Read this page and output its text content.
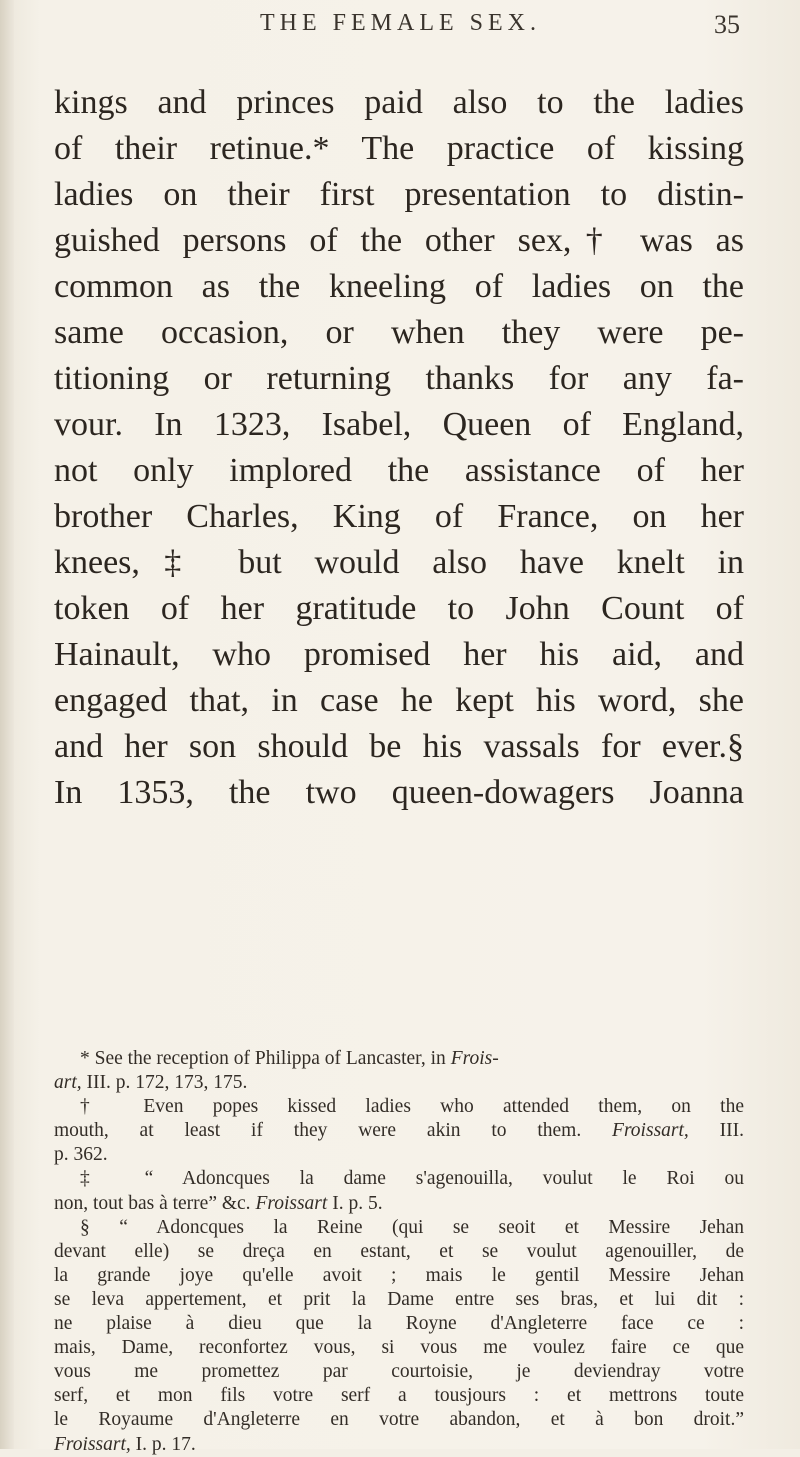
THE FEMALE SEX.	35
kings and princes paid also to the ladies
of their retinue.* The practice of kissing
ladies on their first presentation to distin-
guished persons of the other sex,† was as
common as the kneeling of ladies on the
same occasion, or when they were pe-
titioning or returning thanks for any fa-
vour. In 1323, Isabel, Queen of England,
not only implored the assistance of her
brother Charles, King of France, on her
knees,‡ but would also have knelt in
token of her gratitude to John Count of
Hainault, who promised her his aid, and
engaged that, in case he kept his word, she
and her son should be his vassals for ever.§
In 1353, the two queen-dowagers Joanna
* See the reception of Philippa of Lancaster, in Frois-
art, III. p. 172, 173, 175.
† Even popes kissed ladies who attended them, on the
mouth, at least if they were akin to them. Froissart, III.
p. 362.
‡ “ Adoncques la dame s'agenouilla, voulut le Roi ou
non, tout bas à terre” &c. Froissart I. p. 5.
§ “ Adoncques la Reine (qui se seoit et Messire Jehan
devant elle) se dreça en estant, et se voulut agenouiller, de
la grande joye qu'elle avoit ; mais le gentil Messire Jehan
se leva appertement, et prit la Dame entre ses bras, et lui dit :
ne plaise à dieu que la Royne d'Angleterre face ce :
mais, Dame, reconfortez vous, si vous me voulez faire ce que
vous me promettez par courtoisie, je deviendray votre
serf, et mon fils votre serf a tousjours : et mettrons toute
le Royaume d'Angleterre en votre abandon, et à bon droit.”
Froissart, I. p. 17.
